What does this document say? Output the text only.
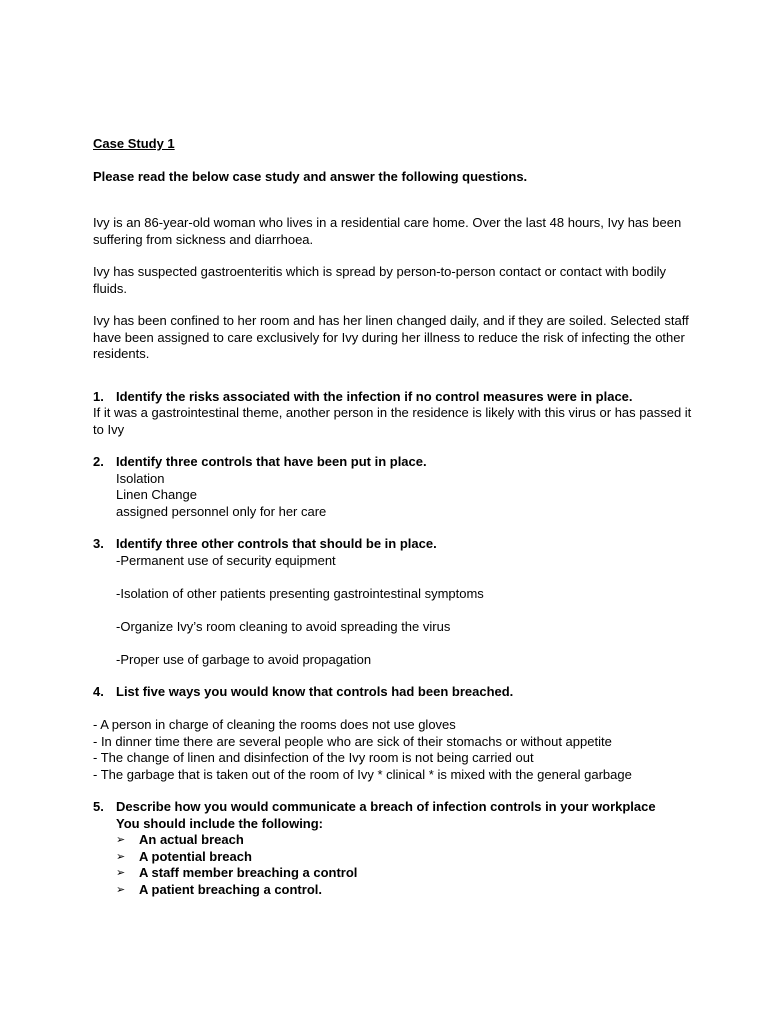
Case Study 1
Please read the below case study and answer the following questions.
Ivy is an 86-year-old woman who lives in a residential care home. Over the last 48 hours, Ivy has been suffering from sickness and diarrhoea.
Ivy has suspected gastroenteritis which is spread by person-to-person contact or contact with bodily fluids.
Ivy has been confined to her room and has her linen changed daily, and if they are soiled. Selected staff have been assigned to care exclusively for Ivy during her illness to reduce the risk of infecting the other residents.
1. Identify the risks associated with the infection if no control measures were in place.
If it was a gastrointestinal theme, another person in the residence is likely with this virus or has passed it to Ivy
2. Identify three controls that have been put in place.
Isolation
Linen Change
assigned personnel only for her care
3. Identify three other controls that should be in place.
-Permanent use of security equipment
-Isolation of other patients presenting gastrointestinal symptoms
-Organize Ivy’s room cleaning to avoid spreading the virus
-Proper use of garbage to avoid propagation
4. List five ways you would know that controls had been breached.
- A person in charge of cleaning the rooms does not use gloves
- In dinner time there are several people who are sick of their stomachs or without appetite
- The change of linen and disinfection of the Ivy room is not being carried out
- The garbage that is taken out of the room of Ivy * clinical * is mixed with the general garbage
5. Describe how you would communicate a breach of infection controls in your workplace
You should include the following:
➢	An actual breach
➢	A potential breach
➢	A staff member breaching a control
➢	A patient breaching a control.
